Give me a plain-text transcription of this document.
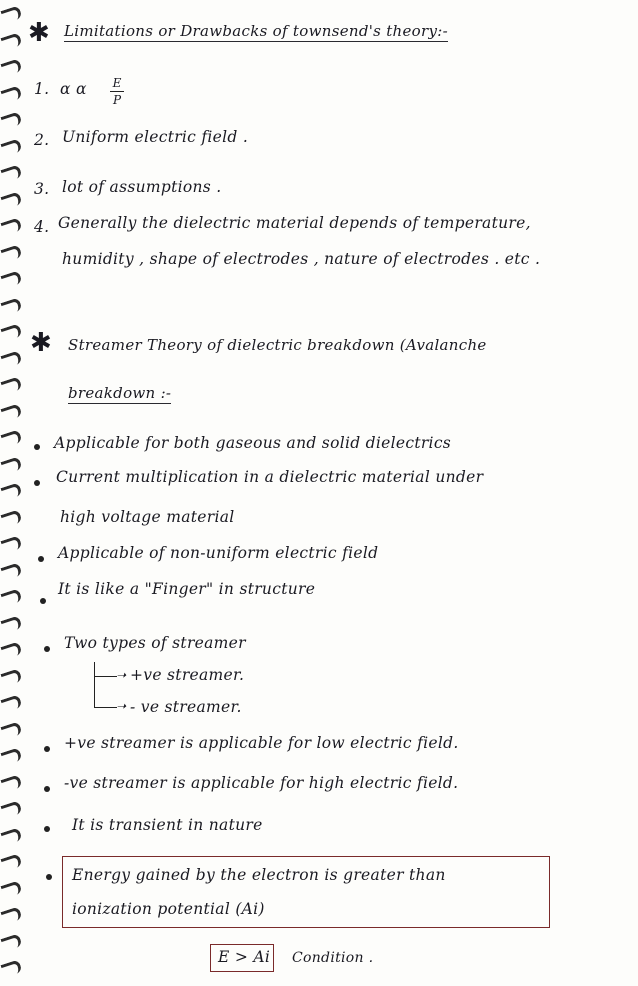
✱ Limitations or Drawbacks of townsend's theory:-
1. α α $\frac{E}{P}$
2. Uniform electric field .
3. lot of assumptions .
4. Generally the dielectric material depends of temperature,
humidity , shape of electrodes , nature of electrodes . etc .
✱ Streamer Theory of dielectric breakdown (Avalanche
breakdown :-
Applicable for both gaseous and solid dielectrics
Current multiplication in a dielectric material under
high voltage material
Applicable of non-uniform electric field
It is like a "Finger" in structure
Two types of streamer
➝ +ve streamer.
➝ - ve streamer.
+ve streamer is applicable for low electric field.
-ve streamer is applicable for high electric field.
It is transient in nature
Energy gained by the electron is greater than
ionization potential (Ai)
E > Ai Condition .
